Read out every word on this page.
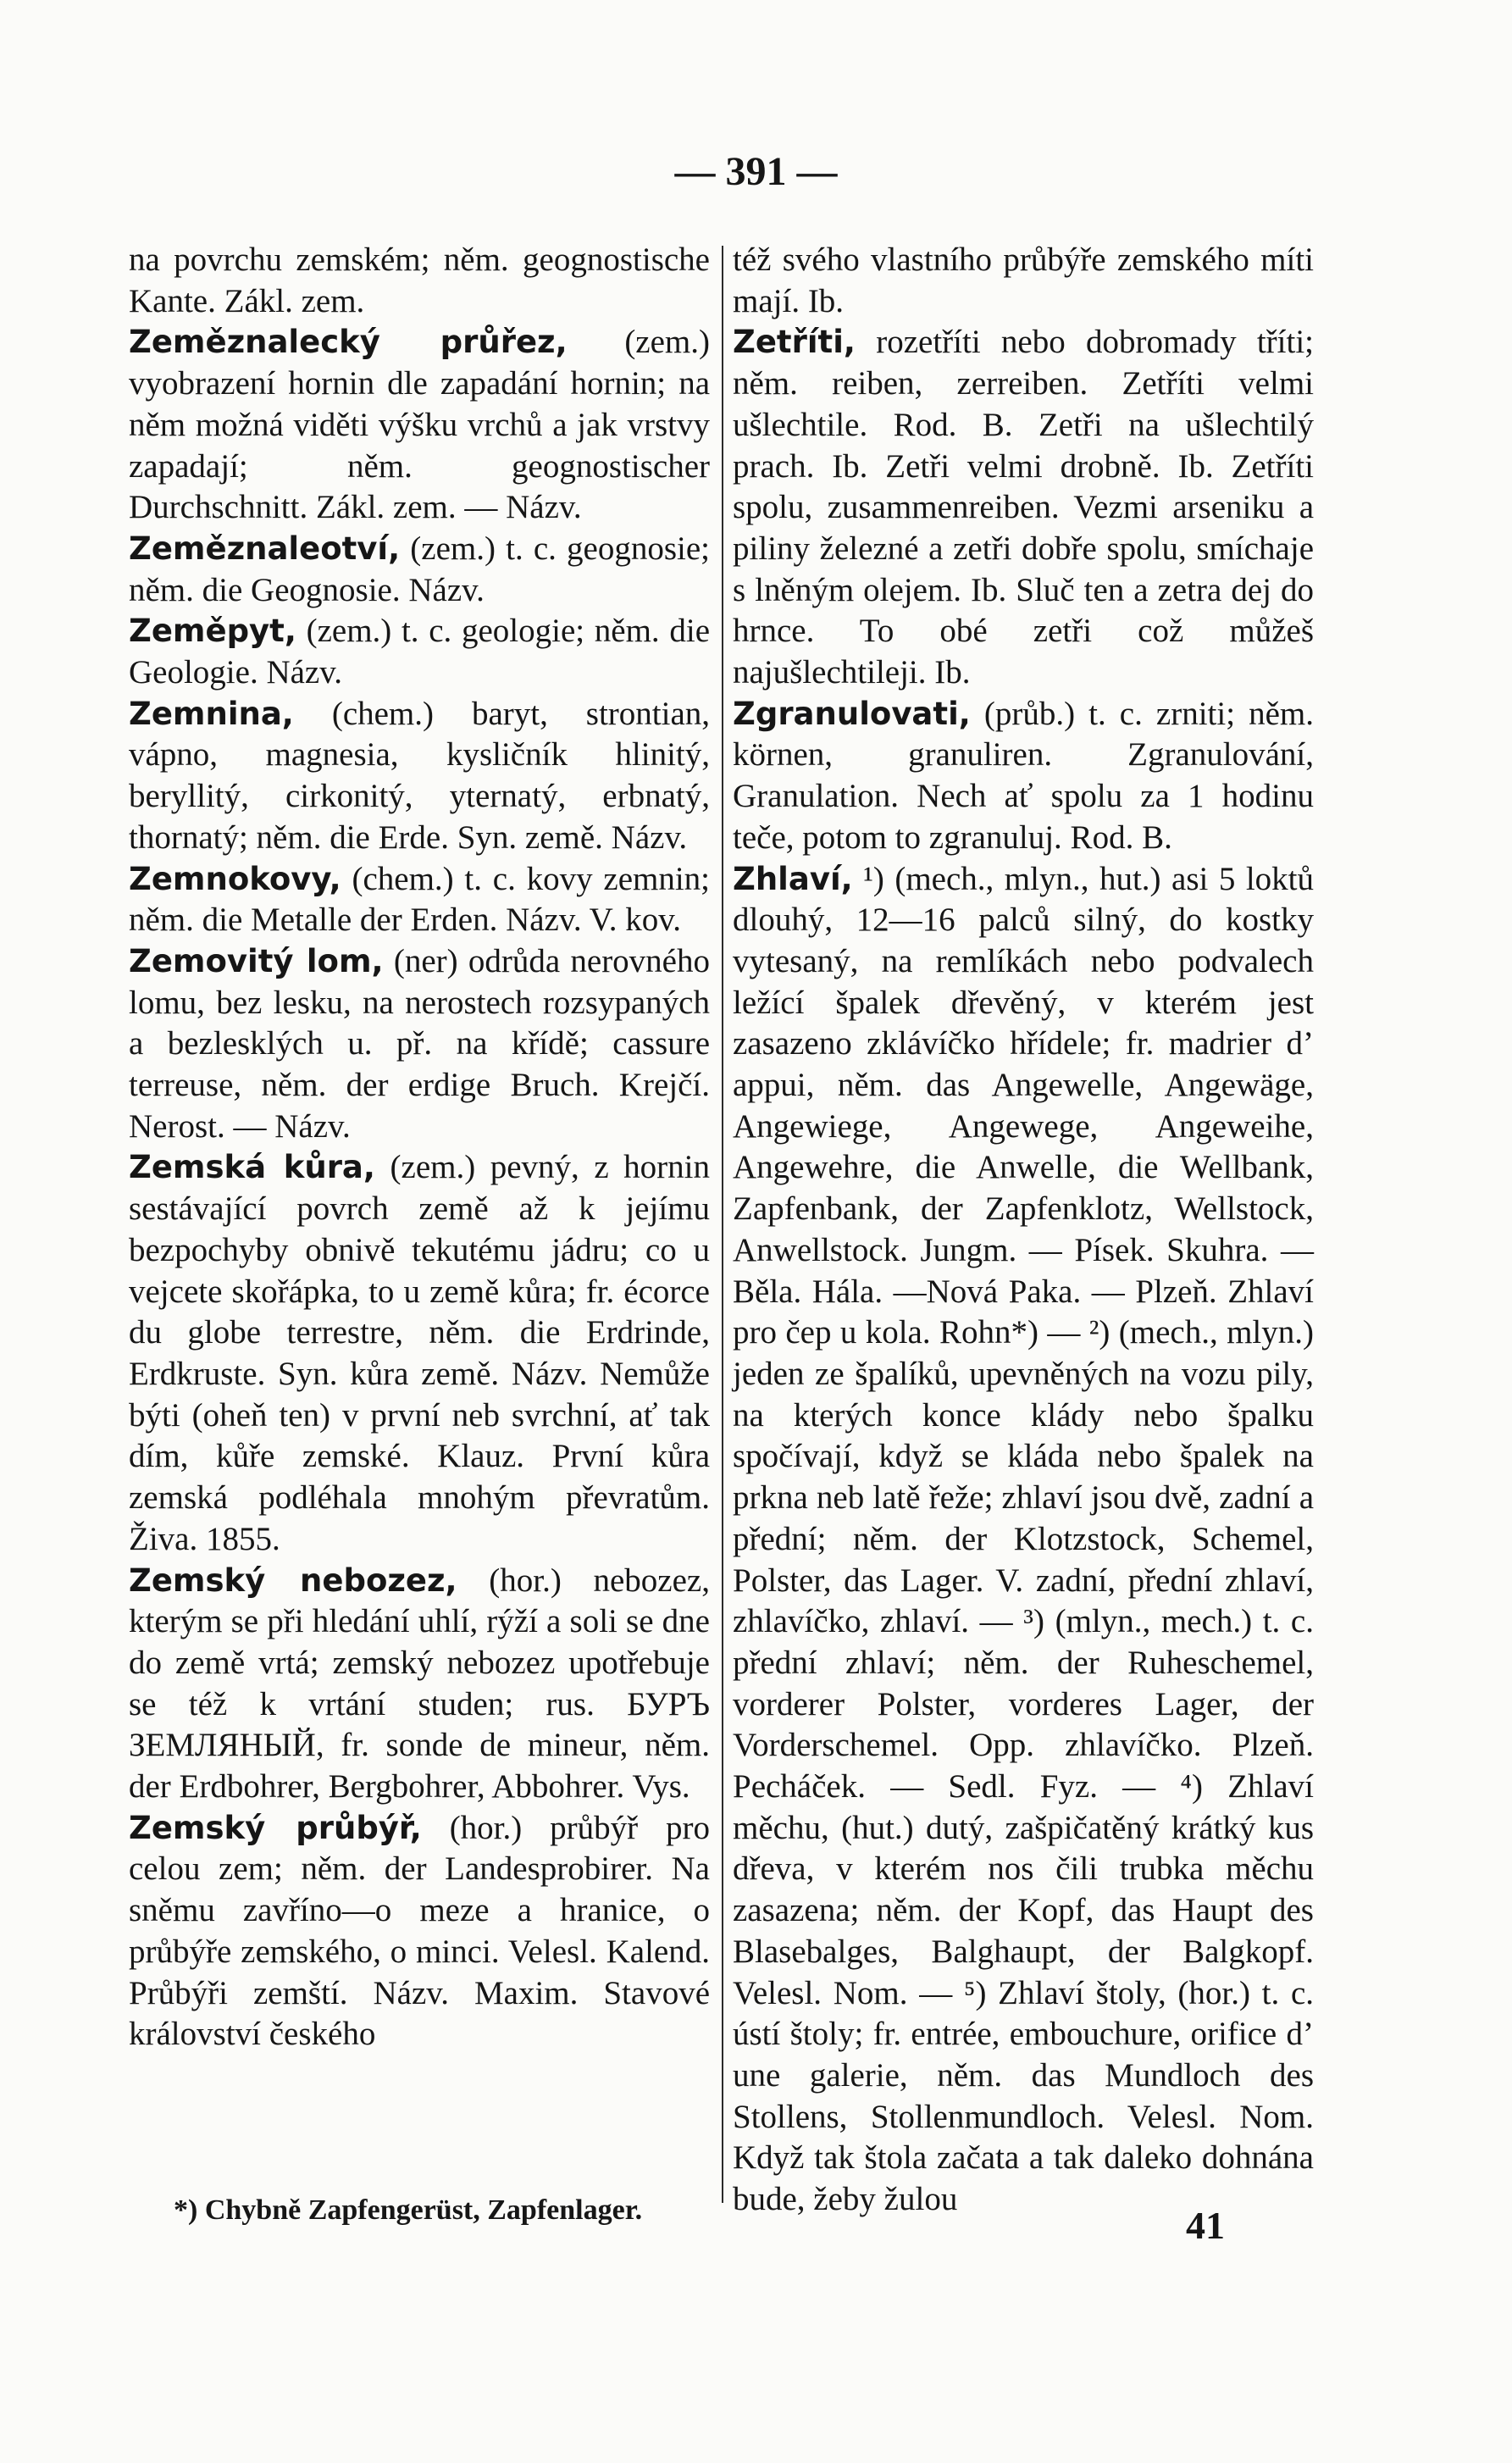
— 391 —

na povrchu zemském; něm. geognostische Kante. Zákl. zem.

Zeměznalecký průřez, (zem.) vyobrazení hornin dle zapadání hornin; na něm možná viděti výšku vrchů a jak vrstvy zapadají; něm. geognostischer Durchschnitt. Zákl. zem. — Názv.

Zeměznaleotví, (zem.) t. c. geognosie; něm. die Geognosie. Názv.

Zeměpyt, (zem.) t. c. geologie; něm. die Geologie. Názv.

Zemnina, (chem.) baryt, strontian, vápno, magnesia, kysličník hlinitý, beryllitý, cirkonitý, yternatý, erbnatý, thornatý; něm. die Erde. Syn. země. Názv.

Zemnokovy, (chem.) t. c. kovy zemnin; něm. die Metalle der Erden. Názv. V. kov.

Zemovitý lom, (ner) odrůda nerovného lomu, bez lesku, na nerostech rozsypaných a bezlesklých u. př. na křídě; cassure terreuse, něm. der erdige Bruch. Krejčí. Nerost. — Názv.

Zemská kůra, (zem.) pevný, z hornin sestávající povrch země až k jejímu bezpochyby obnivě tekutému jádru; co u vejcete skořápka, to u země kůra; fr. écorce du globe terrestre, něm. die Erdrinde, Erdkruste. Syn. kůra země. Názv. Nemůže býti (oheň ten) v první neb svrchní, ať tak dím, kůře zemské. Klauz. První kůra zemská podléhala mnohým převratům. Živa. 1855.

Zemský nebozez, (hor.) nebozez, kterým se při hledání uhlí, rýží a soli se dne do země vrtá; zemský nebozez upotřebuje se též k vrtání studen; rus. БУРЪ ЗЕМЛЯНЫЙ, fr. sonde de mineur, něm. der Erdbohrer, Bergbohrer, Abbohrer. Vys.

Zemský průbýř, (hor.) průbýř pro celou zem; něm. der Landesprobirer. Na sněmu zavříno—o meze a hranice, o průbýře zemského, o minci. Velesl. Kalend. Průbýři zemští. Názv. Maxim. Stavové království českého

též svého vlastního průbýře zemského míti mají. Ib.

Zetříti, rozetříti nebo dobromady tříti; něm. reiben, zerreiben. Zetříti velmi ušlechtile. Rod. B. Zetři na ušlechtilý prach. Ib. Zetři velmi drobně. Ib. Zetříti spolu, zusammenreiben. Vezmi arseniku a piliny železné a zetři dobře spolu, smíchaje s lněným olejem. Ib. Sluč ten a zetra dej do hrnce. To obé zetři což můžeš najušlechtileji. Ib.

Zgranulovati, (průb.) t. c. zrniti; něm. körnen, granuliren. Zgranulování, Granulation. Nech ať spolu za 1 hodinu teče, potom to zgranuluj. Rod. B.

Zhlaví, ¹) (mech., mlyn., hut.) asi 5 loktů dlouhý, 12—16 palců silný, do kostky vytesaný, na remlíkách nebo podvalech ležící špalek dřevěný, v kterém jest zasazeno zklávíčko hřídele; fr. madrier d’ appui, něm. das Angewelle, Angewäge, Angewiege, Angewege, Angeweihe, Angewehre, die Anwelle, die Wellbank, Zapfenbank, der Zapfenklotz, Wellstock, Anwellstock. Jungm. — Písek. Skuhra. — Běla. Hála. —Nová Paka. — Plzeň. Zhlaví pro čep u kola. Rohn*) — ²) (mech., mlyn.) jeden ze špalíků, upevněných na vozu pily, na kterých konce klády nebo špalku spočívají, když se kláda nebo špalek na prkna neb latě řeže; zhlaví jsou dvě, zadní a přední; něm. der Klotzstock, Schemel, Polster, das Lager. V. zadní, přední zhlaví, zhlavíčko, zhlaví. — ³) (mlyn., mech.) t. c. přední zhlaví; něm. der Ruheschemel, vorderer Polster, vorderes Lager, der Vorderschemel. Opp. zhlavíčko. Plzeň. Pecháček. — Sedl. Fyz. — ⁴) Zhlaví měchu, (hut.) dutý, zašpičatěný krátký kus dřeva, v kterém nos čili trubka měchu zasazena; něm. der Kopf, das Haupt des Blasebalges, Balghaupt, der Balgkopf. Velesl. Nom. — ⁵) Zhlaví štoly, (hor.) t. c. ústí štoly; fr. entrée, embouchure, orifice d’ une galerie, něm. das Mundloch des Stollens, Stollenmundloch. Velesl. Nom. Když tak štola začata a tak daleko dohnána bude, žeby žulou

*) Chybně Zapfengerüst, Zapfenlager.	41
